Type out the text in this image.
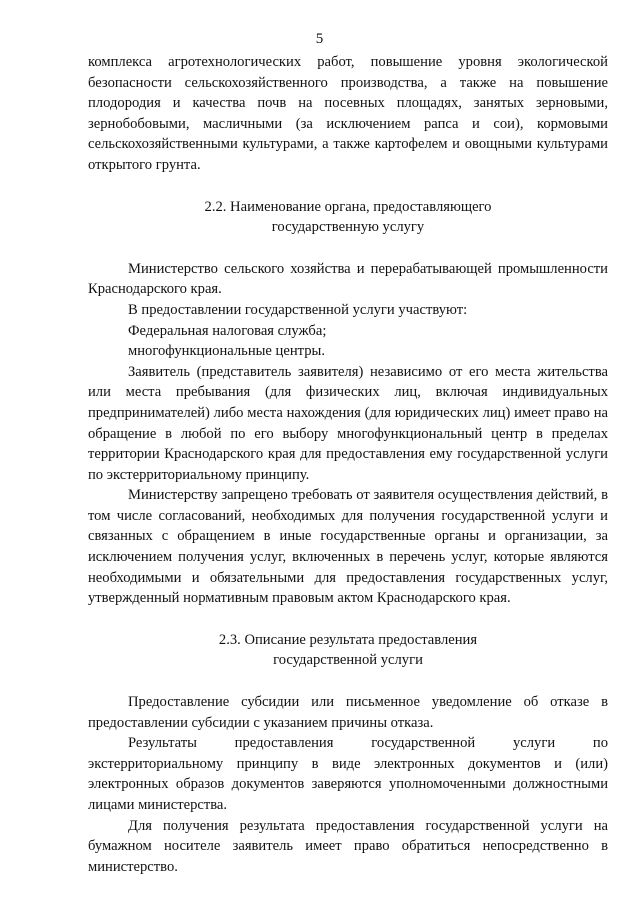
5

комплекса агротехнологических работ, повышение уровня экологической безопасности сельскохозяйственного производства, а также на повышение плодородия и качества почв на посевных площадях, занятых зерновыми, зернобобовыми, масличными (за исключением рапса и сои), кормовыми сельскохозяйственными культурами, а также картофелем и овощными культурами открытого грунта.

2.2. Наименование органа, предоставляющего
государственную услугу

Министерство сельского хозяйства и перерабатывающей промышленности Краснодарского края.

В предоставлении государственной услуги участвуют:

Федеральная налоговая служба;

многофункциональные центры.

Заявитель (представитель заявителя) независимо от его места жительства или места пребывания (для физических лиц, включая индивидуальных предпринимателей) либо места нахождения (для юридических лиц) имеет право на обращение в любой по его выбору многофункциональный центр в пределах территории Краснодарского края для предоставления ему государственной услуги по экстерриториальному принципу.

Министерству запрещено требовать от заявителя осуществления действий, в том числе согласований, необходимых для получения государственной услуги и связанных с обращением в иные государственные органы и организации, за исключением получения услуг, включенных в перечень услуг, которые являются необходимыми и обязательными для предоставления государственных услуг, утвержденный нормативным правовым актом Краснодарского края.

2.3. Описание результата предоставления
государственной услуги

Предоставление субсидии или письменное уведомление об отказе в предоставлении субсидии с указанием причины отказа.

Результаты предоставления государственной услуги по экстерриториальному принципу в виде электронных документов и (или) электронных образов документов заверяются уполномоченными должностными лицами министерства.

Для получения результата предоставления государственной услуги на бумажном носителе заявитель имеет право обратиться непосредственно в министерство.
